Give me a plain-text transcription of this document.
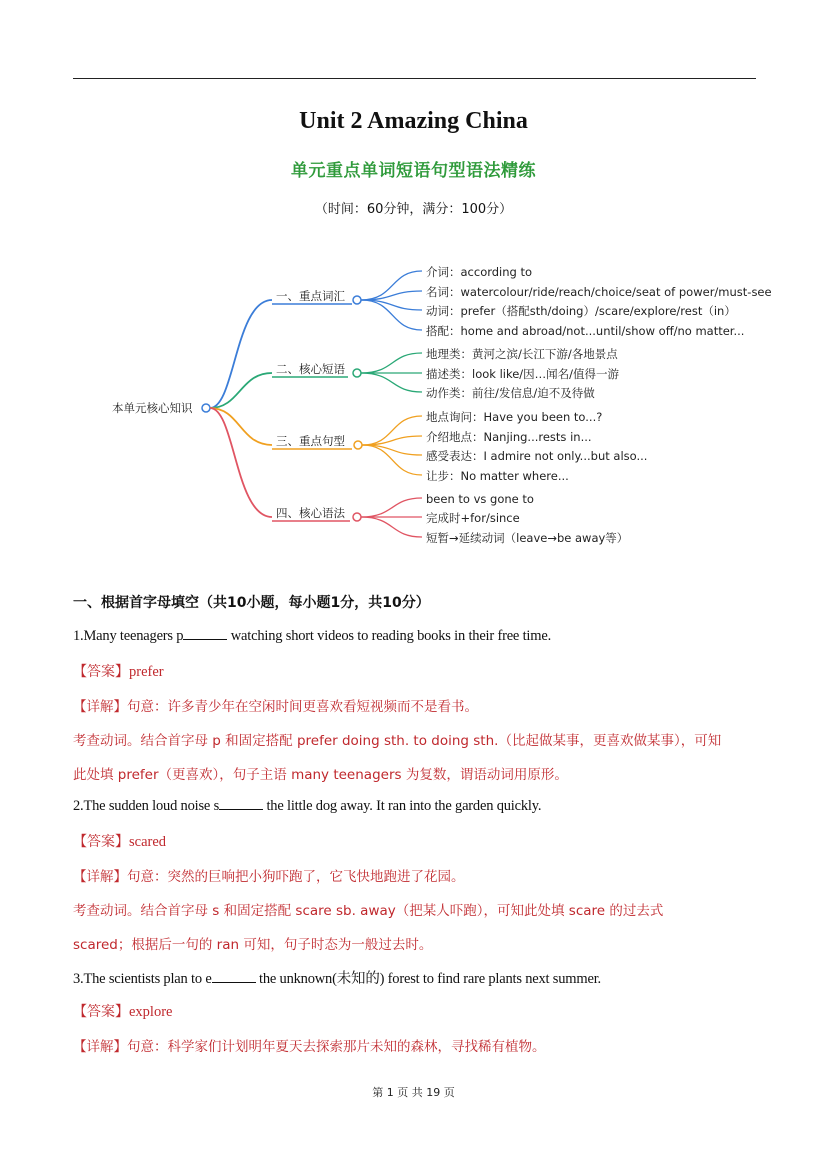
Unit 2 Amazing China
单元重点单词短语句型语法精练
（时间：60分钟，满分：100分）
本单元核心知识
一、重点词汇
介词：according to
名词：watercolour/ride/reach/choice/seat of power/must-see
动词：prefer（搭配sth/doing）/scare/explore/rest（in）
搭配：home and abroad/not...until/show off/no matter...
二、核心短语
地理类：黄河之滨/长江下游/各地景点
描述类：look like/因…闻名/值得一游
动作类：前往/发信息/迫不及待做
三、重点句型
地点询问：Have you been to...?
介绍地点：Nanjing...rests in...
感受表达：I admire not only...but also...
让步：No matter where...
四、核心语法
been to vs gone to
完成时+for/since
短暂→延续动词（leave→be away等）
一、根据首字母填空（共10小题，每小题1分，共10分）
1.Many teenagers p	watching short videos to reading books in their free time.
【答案】prefer
【详解】句意：许多青少年在空闲时间更喜欢看短视频而不是看书。
考查动词。结合首字母 p 和固定搭配 prefer doing sth. to doing sth.（比起做某事，更喜欢做某事），可知
此处填 prefer（更喜欢），句子主语 many teenagers 为复数，谓语动词用原形。
2.The sudden loud noise s	the little dog away. It ran into the garden quickly.
【答案】scared
【详解】句意：突然的巨响把小狗吓跑了，它飞快地跑进了花园。
考查动词。结合首字母 s 和固定搭配 scare sb. away（把某人吓跑），可知此处填 scare 的过去式
scared；根据后一句的 ran 可知，句子时态为一般过去时。
3.The scientists plan to e	the unknown(未知的) forest to find rare plants next summer.
【答案】explore
【详解】句意：科学家们计划明年夏天去探索那片未知的森林，寻找稀有植物。
第 1 页 共 19 页
